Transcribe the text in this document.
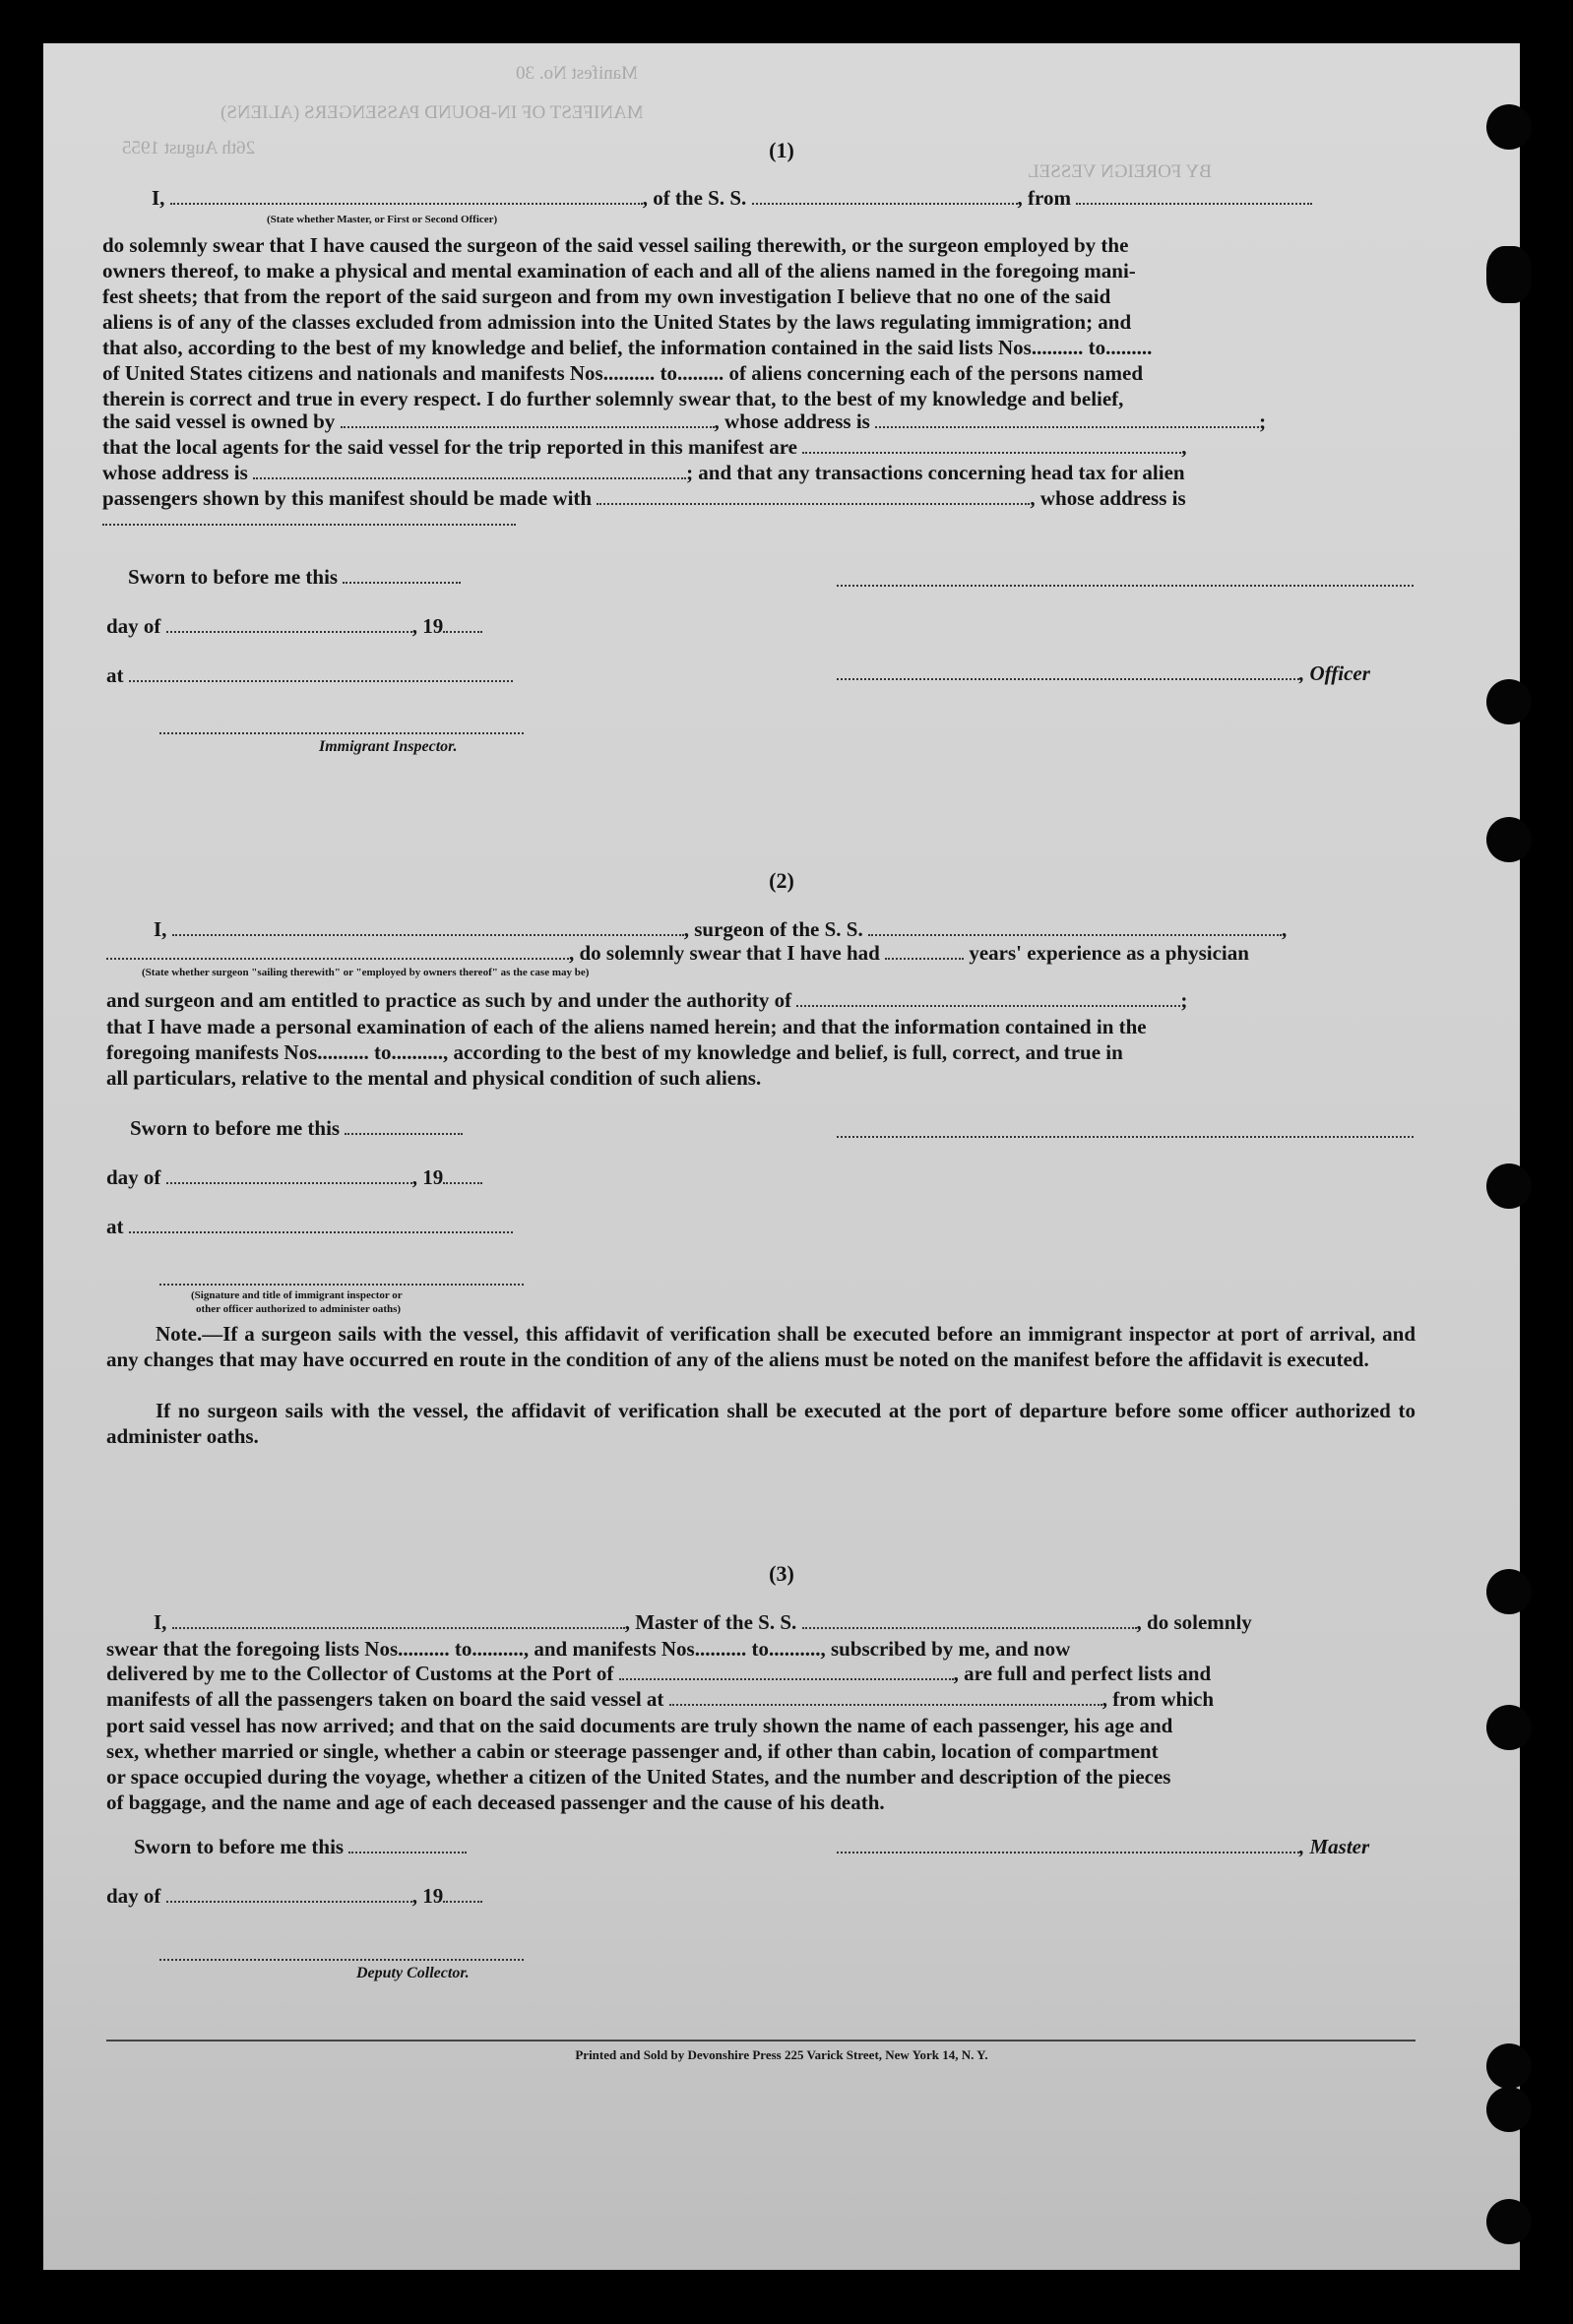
Manifest No. 30
MANIFEST OF IN-BOUND PASSENGERS (ALIENS)
26th August 1955
BY FOREIGN VESSEL
(1)
I,	, of the S. S.	, from
(State whether Master, or First or Second Officer)
do solemnly swear that I have caused the surgeon of the said vessel sailing therewith, or the surgeon employed by the
owners thereof, to make a physical and mental examination of each and all of the aliens named in the foregoing mani-
fest sheets; that from the report of the said surgeon and from my own investigation I believe that no one of the said
aliens is of any of the classes excluded from admission into the United States by the laws regulating immigration; and
that also, according to the best of my knowledge and belief, the information contained in the said lists Nos.......... to.........
of United States citizens and nationals and manifests Nos.......... to......... of aliens concerning each of the persons named
therein is correct and true in every respect. I do further solemnly swear that, to the best of my knowledge and belief,
the said vessel is owned by	, whose address is	;
that the local agents for the said vessel for the trip reported in this manifest are	,
whose address is	; and that any transactions concerning head tax for alien
passengers shown by this manifest should be made with	, whose address is
Sworn to before me this
day of	, 19
at	, Officer
Immigrant Inspector.
(2)
I,	, surgeon of the S. S.	,
, do solemnly swear that I have had	years' experience as a physician
(State whether surgeon "sailing therewith" or "employed by owners thereof" as the case may be)
and surgeon and am entitled to practice as such by and under the authority of	;
that I have made a personal examination of each of the aliens named herein; and that the information contained in the
foregoing manifests Nos.......... to.........., according to the best of my knowledge and belief, is full, correct, and true in
all particulars, relative to the mental and physical condition of such aliens.
Sworn to before me this
day of	, 19
at
(Signature and title of immigrant inspector or
other officer authorized to administer oaths)
Note.—If a surgeon sails with the vessel, this affidavit of verification shall be executed before an immigrant inspector at port of arrival, and any changes that may have occurred en route in the condition of any of the aliens must be noted on the manifest before the affidavit is executed.
If no surgeon sails with the vessel, the affidavit of verification shall be executed at the port of departure before some officer authorized to administer oaths.
(3)
I,	, Master of the S. S.	, do solemnly
swear that the foregoing lists Nos.......... to.........., and manifests Nos.......... to.........., subscribed by me, and now
delivered by me to the Collector of Customs at the Port of	, are full and perfect lists and
manifests of all the passengers taken on board the said vessel at	, from which
port said vessel has now arrived; and that on the said documents are truly shown the name of each passenger, his age and
sex, whether married or single, whether a cabin or steerage passenger and, if other than cabin, location of compartment
or space occupied during the voyage, whether a citizen of the United States, and the number and description of the pieces
of baggage, and the name and age of each deceased passenger and the cause of his death.
Sworn to before me this	, Master
day of	, 19
Deputy Collector.
Printed and Sold by Devonshire Press 225 Varick Street, New York 14, N. Y.
